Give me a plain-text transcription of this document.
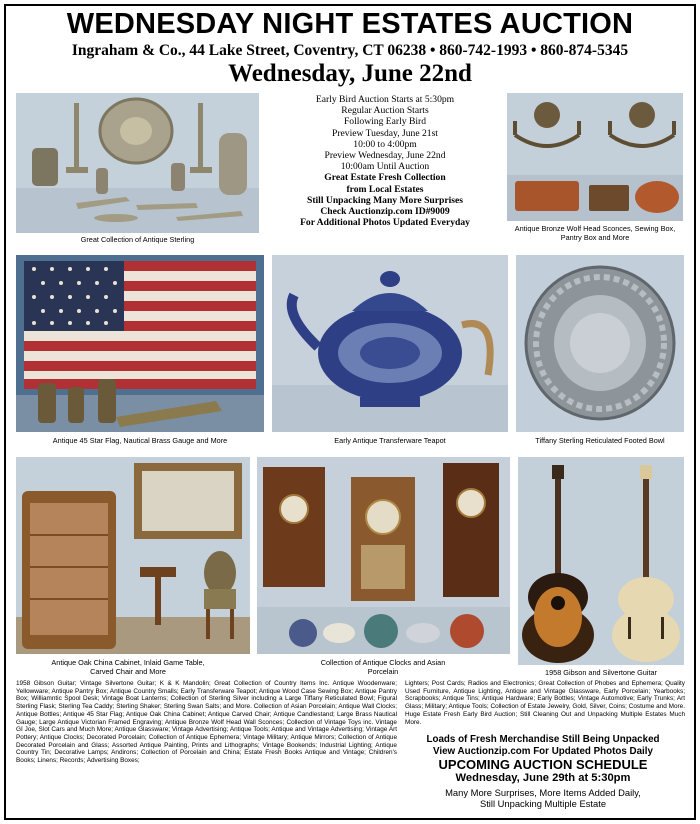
WEDNESDAY NIGHT ESTATES AUCTION
Ingraham & Co., 44 Lake Street, Coventry, CT 06238 • 860-742-1993 • 860-874-5345
Wednesday, June 22nd
Great Collection of Antique Sterling
Early Bird Auction Starts at 5:30pm
Regular Auction Starts
Following Early Bird
Preview Tuesday, June 21st
10:00 to 4:00pm
Preview Wednesday, June 22nd
10:00am Until Auction
Great Estate Fresh Collection
from Local Estates
Still Unpacking Many More Surprises
Check Auctionzip.com ID#9009
For Additional Photos Updated Everyday
Antique Bronze Wolf Head Sconces, Sewing Box, Pantry Box and More
Antique 45 Star Flag, Nautical Brass Gauge and More	Early Antique Transferware Teapot	Tiffany Sterling Reticulated Footed Bowl
Antique Oak China Cabinet, Inlaid Game Table, Carved Chair and More
Collection of Antique Clocks and Asian Porcelain	1958 Gibson and Silvertone Guitar
1958 Gibson Guitar; Vintage Silvertone Guitar; K & K Mandolin; Great Collection of Country Items Inc. Antique Woodenware; Yellowware; Antique Pantry Box; Antique Country Smalls; Early Transferware Teapot; Antique Wood Case Sewing Box; Antique Pantry Box; Williamntic Spool Desk; Vintage Boat Lanterns; Collection of Sterling Silver including a Large Tiffany Reticulated Bowl; Figural Sterling Flask; Sterling Tea Caddy; Sterling Shaker; Sterling Swan Salts; and More. Collection of Asian Porcelain; Antique Wall Clocks; Antique Bottles; Antique 45 Star Flag; Antique Oak China Cabinet; Antique Carved Chair; Antique Candlestand; Large Brass Nautical Gauge; Large Antique Victorian Framed Engraving; Antique Bronze Wolf Head Wall Sconces; Collection of Vintage Toys inc. Vintage GI Joe, Slot Cars and Much More; Antique Glassware; Vintage Advertising; Antique Tools; Antique and Vintage Advertising; Vintage Art Pottery; Antique Clocks; Decorated Porcelain; Collection of Antique Ephemera; Vintage Military; Antique Mirrors; Collection of Antique Decorated Porcelain and Glass; Assorted Antique Painting, Prints and Lithographs; Vintage Bookends; Industrial Lighting; Antique Country Tin; Decorative Lamps; Andirons; Collection of Porcelain and China; Estate Fresh Books Antique and Vintage; Children's Books; Linens; Records; Advertising Boxes;
Lighters; Post Cards; Radios and Electronics; Great Collection of Phobes and Ephemera; Quality Used Furniture, Antique Lighting, Antique and Vintage Glassware, Early Porcelain; Yearbooks; Scrapbooks; Antique Tins; Antique Hardware; Early Bottles; Vintage Automotive; Early Trunks; Art Glass; Military; Antique Tools; Collection of Estate Jewelry, Gold, Silver, Coins; Costume and More. Huge Estate Fresh Early Bird Auction; Still Cleaning Out and Unpacking Multiple Estates Much More.
Loads of Fresh Merchandise Still Being Unpacked
View Auctionzip.com For Updated Photos Daily
UPCOMING AUCTION SCHEDULE
Wednesday, June 29th at 5:30pm
Many More Surprises, More Items Added Daily,
Still Unpacking Multiple Estate
